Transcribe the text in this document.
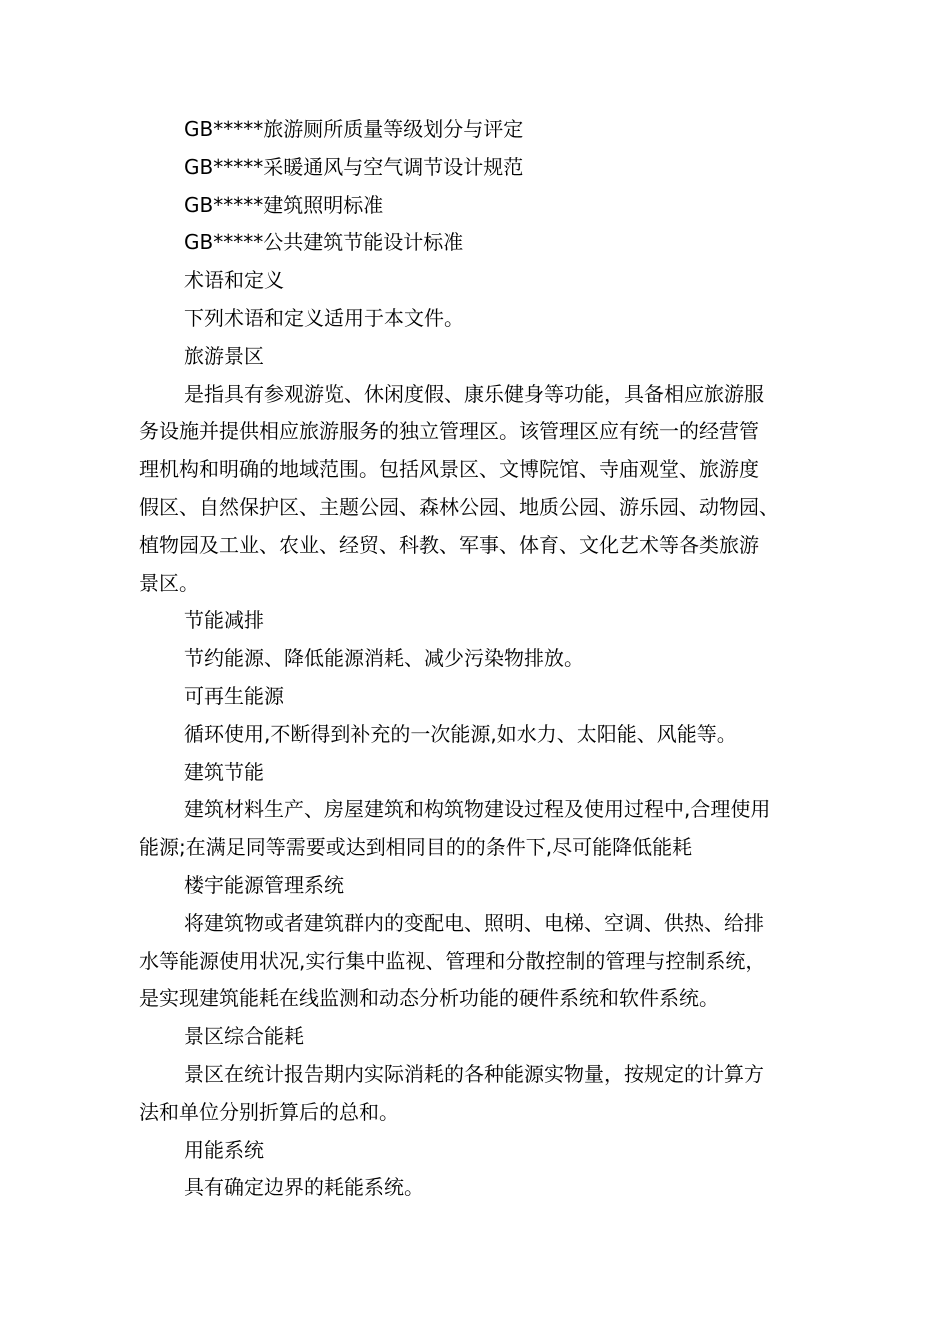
GB*****旅游厕所质量等级划分与评定

GB*****采暖通风与空气调节设计规范

GB*****建筑照明标准

GB*****公共建筑节能设计标准

术语和定义

下列术语和定义适用于本文件。

旅游景区

是指具有参观游览、休闲度假、康乐健身等功能，具备相应旅游服

务设施并提供相应旅游服务的独立管理区。该管理区应有统一的经营管

理机构和明确的地域范围。包括风景区、文博院馆、寺庙观堂、旅游度

假区、自然保护区、主题公园、森林公园、地质公园、游乐园、动物园、

植物园及工业、农业、经贸、科教、军事、体育、文化艺术等各类旅游

景区。

节能减排

节约能源、降低能源消耗、减少污染物排放。

可再生能源

循环使用,不断得到补充的一次能源,如水力、太阳能、风能等。

建筑节能

建筑材料生产、房屋建筑和构筑物建设过程及使用过程中,合理使用

能源;在满足同等需要或达到相同目的的条件下,尽可能降低能耗

楼宇能源管理系统

将建筑物或者建筑群内的变配电、照明、电梯、空调、供热、给排

水等能源使用状况,实行集中监视、管理和分散控制的管理与控制系统，

是实现建筑能耗在线监测和动态分析功能的硬件系统和软件系统。

景区综合能耗

景区在统计报告期内实际消耗的各种能源实物量，按规定的计算方

法和单位分别折算后的总和。

用能系统

具有确定边界的耗能系统。
